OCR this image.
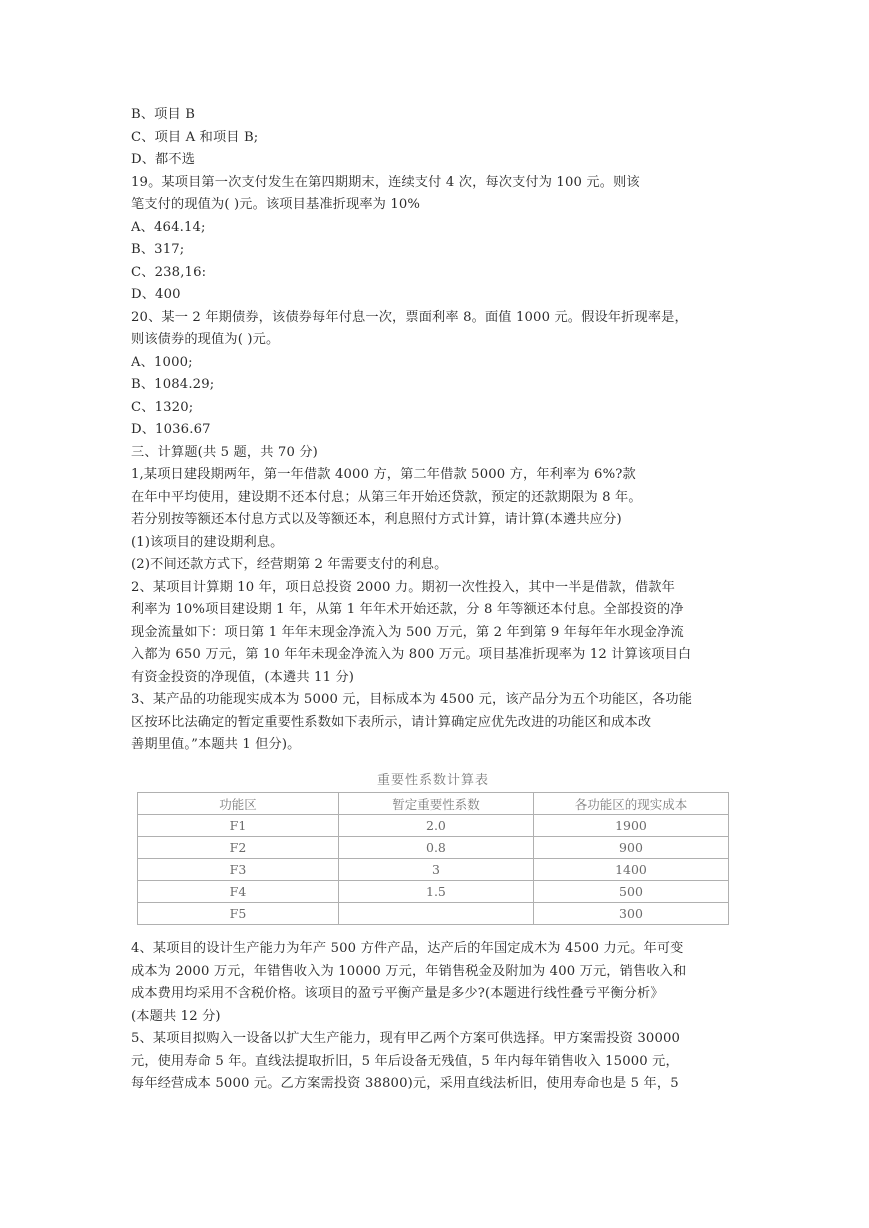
B、项目 B
C、项目 A 和项目 B;
D、都不选
19。某项目第一次支付发生在第四期期末，连续支付 4 次，每次支付为 100 元。则该
笔支付的现值为( )元。该项目基准折现率为 10%
A、464.14;
B、317;
C、238,16:
D、400
20、某一 2 年期债券，该债券每年付息一次，票面利率 8。面值 1000 元。假设年折现率是，
则该债券的现值为( )元。
A、1000;
B、1084.29;
C、1320;
D、1036.67
三、计算题(共 5 题，共 70 分)
1,某项日建段期两年，第一年借款 4000 方，第二年借款 5000 方，年利率为 6%?款
在年中平均使用，建设期不还本付息；从第三年开始还贷款，预定的还款期限为 8 年。
若分别按等额还本付息方式以及等额还本，利息照付方式计算，请计算(本遴共应分)
(1)该项目的建设期利息。
(2)不间还款方式下，经营期第 2 年需要支付的利息。
2、某项目计算期 10 年，项日总投资 2000 力。期初一次性投入，其中一半是借款，借款年
利率为 10%项目建设期 1 年，从第 1 年年术开始还款，分 8 年等额还本付息。全部投资的净
现金流量如下：项日第 1 年年末现金净流入为 500 万元，第 2 年到第 9 年每年年水现金净流
入都为 650 万元，第 10 年年未现金净流入为 800 万元。项目基准折现率为 12 计算该项目白
有资金投资的净现值，(本遴共 11 分)
3、某产品的功能现实成本为 5000 元，目标成本为 4500 元，该产品分为五个功能区，各功能
区按环比法确定的暂定重要性系数如下表所示，请计算确定应优先改进的功能区和成本改
善期里值。”本题共 1 但分)。
重要性系数计算表
功能区	暂定重要性系数	各功能区的现实成本
F1	2.0	1900
F2	0.8	900
F3	3	1400
F4	1.5	500
F5		300
4、某项目的设计生产能力为年产 500 方件产品，达产后的年国定成木为 4500 力元。年可变
成本为 2000 万元，年错售收入为 10000 万元，年销售税金及附加为 400 万元，销售收入和
成本费用均采用不含税价格。该项目的盈亏平衡产量是多少?(本题进行线性叠亏平衡分析》
(本题共 12 分)
5、某项目拟购入一设备以扩大生产能力，现有甲乙两个方案可供选择。甲方案需投资 30000
元，使用寿命 5 年。直线法提取折旧，5 年后设备无残值，5 年内每年销售收入 15000 元，
每年经营成本 5000 元。乙方案需投资 38800)元，采用直线法析旧，使用寿命也是 5 年，5
